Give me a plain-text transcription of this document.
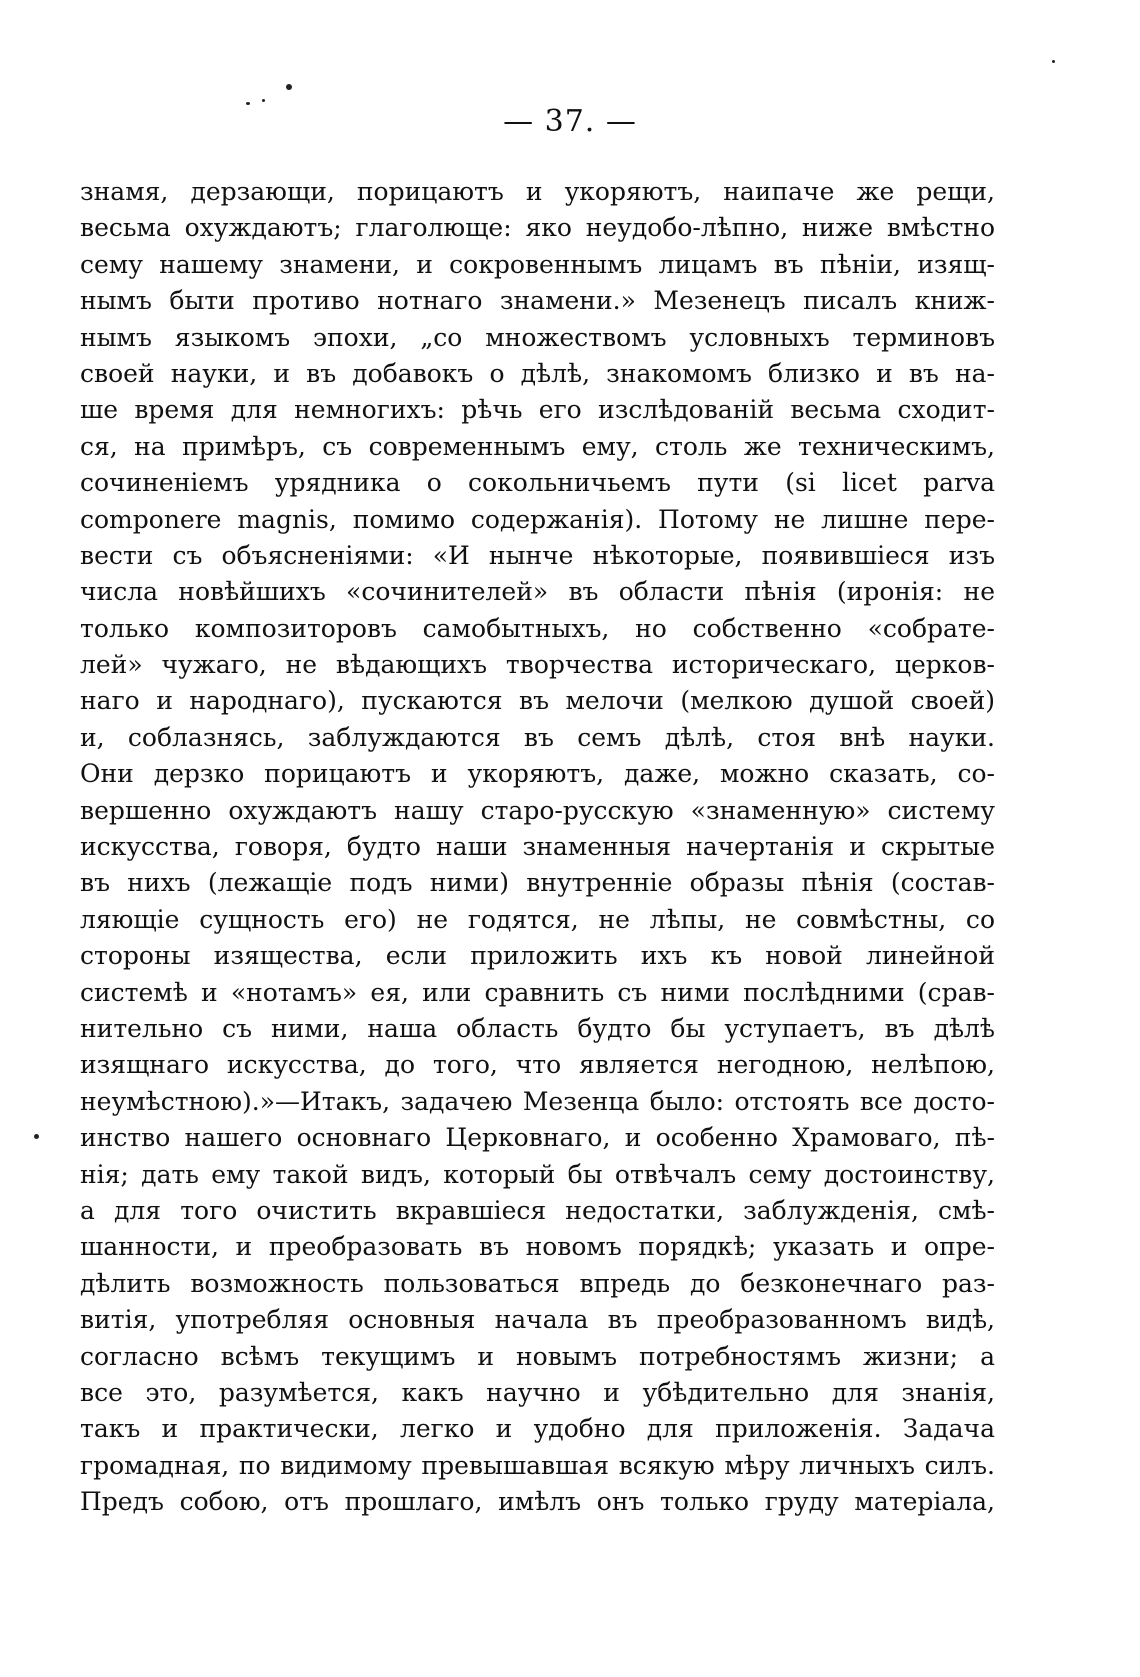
— 37. —
знамя, дерзающи, порицаютъ и укоряютъ, наипаче же рещи,
весьма охуждаютъ; глаголюще: яко неудобо-лѣпно, ниже вмѣстно
сему нашему знамени, и сокровеннымъ лицамъ въ пѣніи, изящ-
нымъ быти противо нотнаго знамени.» Мезенецъ писалъ книж-
нымъ языкомъ эпохи, „со множествомъ условныхъ терминовъ
своей науки, и въ добавокъ о дѣлѣ, знакомомъ близко и въ на-
ше время для немногихъ: рѣчь его изслѣдованій весьма сходит-
ся, на примѣръ, съ современнымъ ему, столь же техническимъ,
сочиненіемъ урядника о сокольничьемъ пути (si licet parva
componere magnis, помимо содержанія). Потому не лишне пере-
вести съ объясненіями: «И нынче нѣкоторые, появившіеся изъ
числа новѣйшихъ «сочинителей» въ области пѣнія (иронія: не
только композиторовъ самобытныхъ, но собственно «собрате-
лей» чужаго, не вѣдающихъ творчества историческаго, церков-
наго и народнаго), пускаются въ мелочи (мелкою душой своей)
и, соблазнясь, заблуждаются въ семъ дѣлѣ, стоя внѣ науки.
Они дерзко порицаютъ и укоряютъ, даже, можно сказать, со-
вершенно охуждаютъ нашу старо-русскую «знаменную» систему
искусства, говоря, будто наши знаменныя начертанія и скрытые
въ нихъ (лежащіе подъ ними) внутренніе образы пѣнія (состав-
ляющіе сущность его) не годятся, не лѣпы, не совмѣстны, со
стороны изящества, если приложить ихъ къ новой линейной
системѣ и «нотамъ» ея, или сравнить съ ними послѣдними (срав-
нительно съ ними, наша область будто бы уступаетъ, въ дѣлѣ
изящнаго искусства, до того, что является негодною, нелѣпою,
неумѣстною).»—Итакъ, задачею Мезенца было: отстоять все досто-
инство нашего основнаго Церковнаго, и особенно Храмоваго, пѣ-
нія; дать ему такой видъ, который бы отвѣчалъ сему достоинству,
а для того очистить вкравшіеся недостатки, заблужденія, смѣ-
шанности, и преобразовать въ новомъ порядкѣ; указать и опре-
дѣлить возможность пользоваться впредь до безконечнаго раз-
витія, употребляя основныя начала въ преобразованномъ видѣ,
согласно всѣмъ текущимъ и новымъ потребностямъ жизни; а
все это, разумѣется, какъ научно и убѣдительно для знанія,
такъ и практически, легко и удобно для приложенія. Задача
громадная, по видимому превышавшая всякую мѣру личныхъ силъ.
Предъ собою, отъ прошлаго, имѣлъ онъ только груду матеріала,
